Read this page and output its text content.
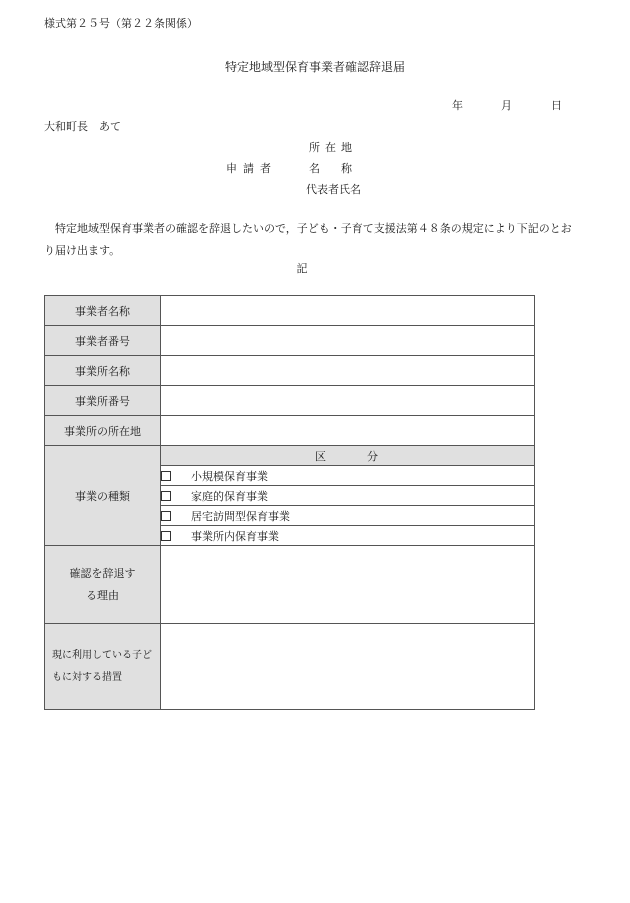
様式第２５号（第２２条関係）
特定地域型保育事業者確認辞退届
年	月	日
大和町長　あて
所在地
申請者	名称
代表者氏名
特定地域型保育事業者の確認を辞退したいので，子ども・子育て支援法第４８条の規定により下記のとおり届け出ます。
記
事業者名称	
事業者番号	
事業所名称	
事業所番号	
事業所の所在地	
事業の種類	区　　　分
	小規模保育事業
	家庭的保育事業
	居宅訪問型保育事業
	事業所内保育事業
確認を辞退する理由	
現に利用している子どもに対する措置	
